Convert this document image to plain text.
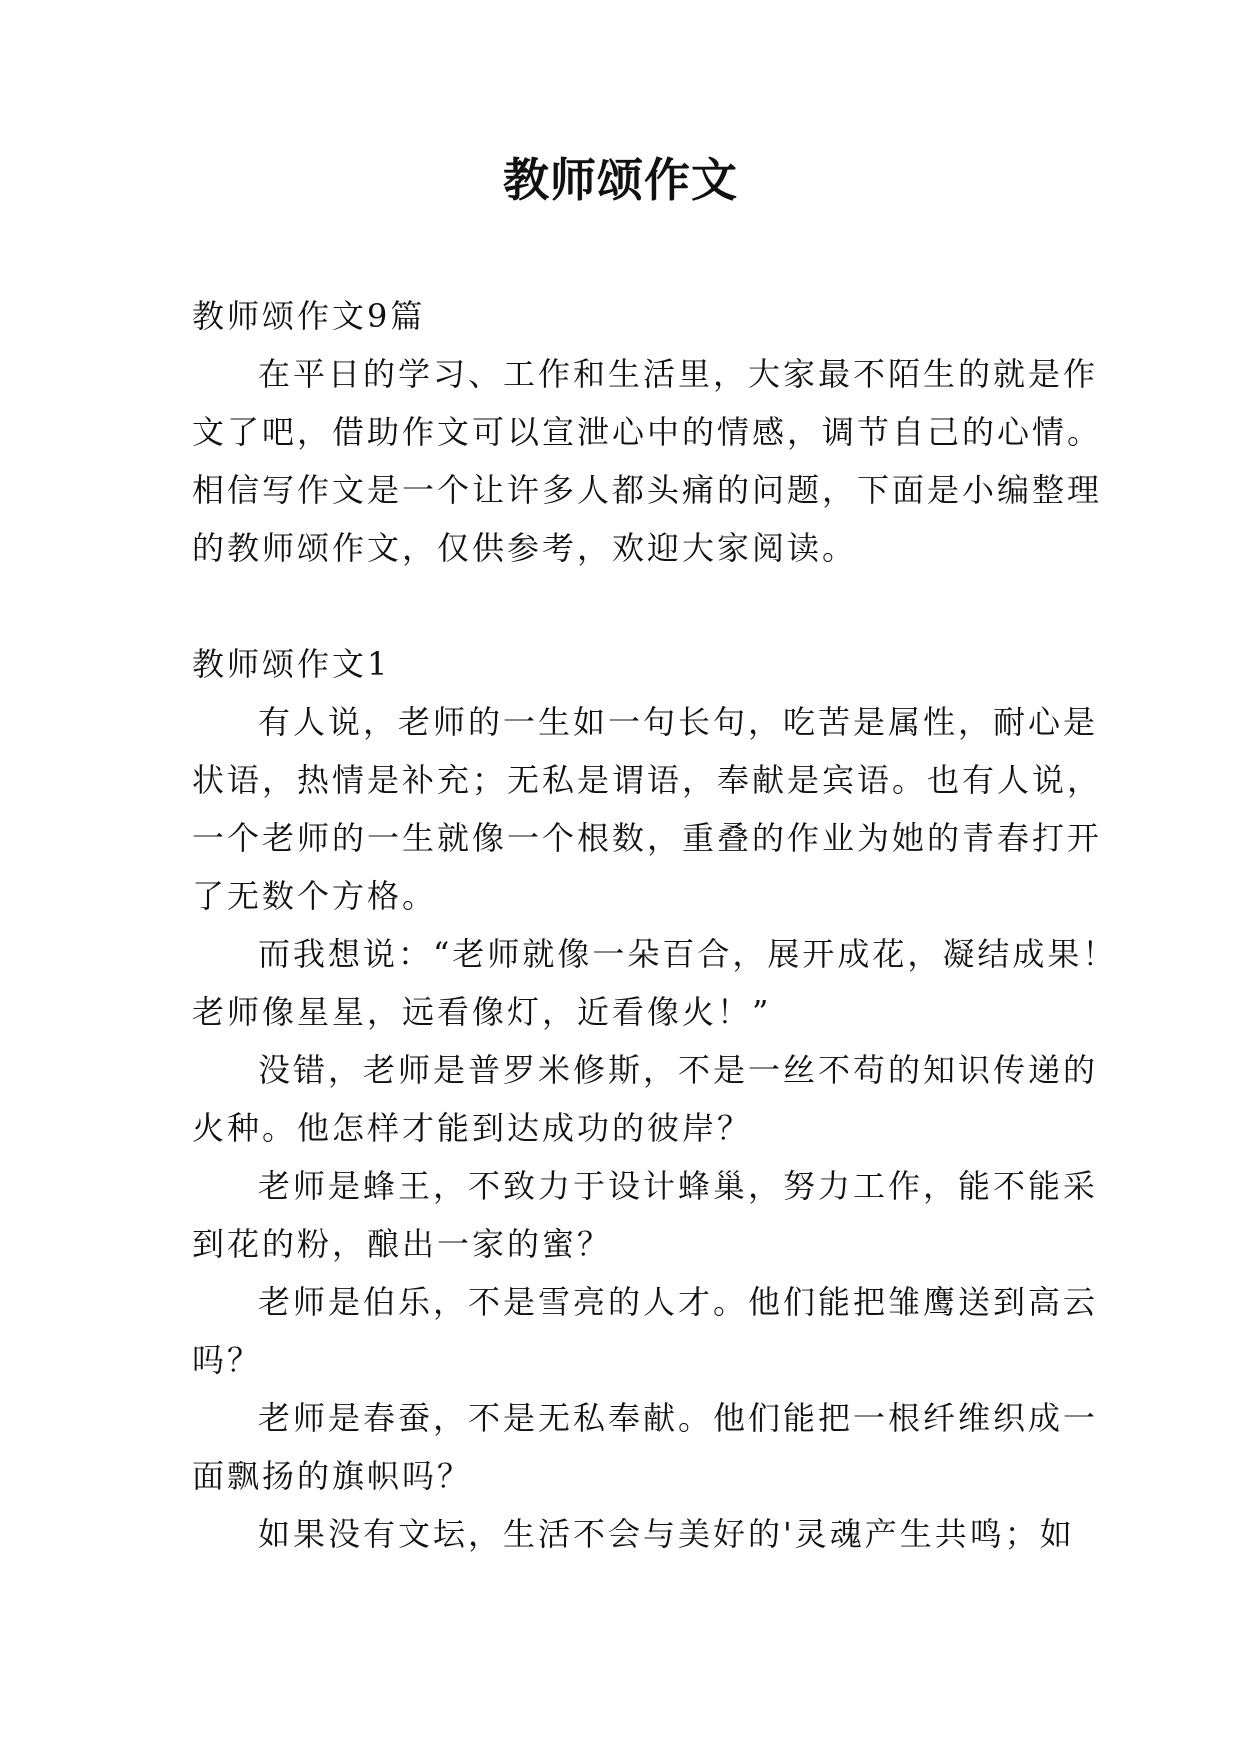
教师颂作文
教师颂作文9篇
在平日的学习、工作和生活里，大家最不陌生的就是作
文了吧，借助作文可以宣泄心中的情感，调节自己的心情。
相信写作文是一个让许多人都头痛的问题，下面是小编整理
的教师颂作文，仅供参考，欢迎大家阅读。
教师颂作文1
有人说，老师的一生如一句长句，吃苦是属性，耐心是
状语，热情是补充；无私是谓语，奉献是宾语。也有人说，
一个老师的一生就像一个根数，重叠的作业为她的青春打开
了无数个方格。
而我想说：“老师就像一朵百合，展开成花，凝结成果！
老师像星星，远看像灯，近看像火！”
没错，老师是普罗米修斯，不是一丝不苟的知识传递的
火种。他怎样才能到达成功的彼岸？
老师是蜂王，不致力于设计蜂巢，努力工作，能不能采
到花的粉，酿出一家的蜜？
老师是伯乐，不是雪亮的人才。他们能把雏鹰送到高云
吗？
老师是春蚕，不是无私奉献。他们能把一根纤维织成一
面飘扬的旗帜吗？
如果没有文坛，生活不会与美好的'灵魂产生共鸣；如
